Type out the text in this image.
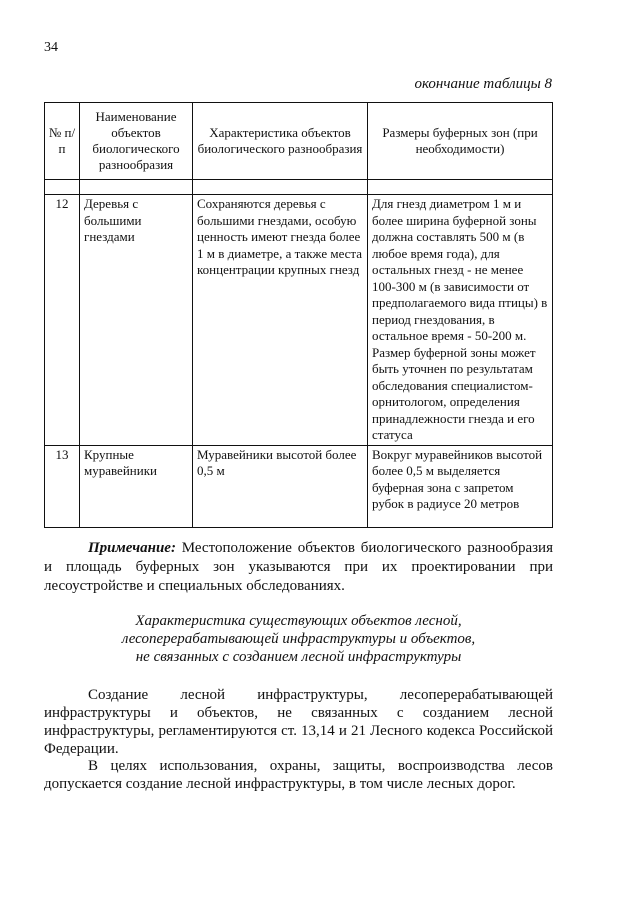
34
окончание таблицы 8
№ п/п	Наименование объектов биологического разнообразия	Характеристика объектов биологического разнообразия	Размеры буферных зон (при необходимости)

12	Деревья с большими гнездами	Сохраняются деревья с большими гнездами, особую ценность имеют гнезда более 1 м в диаметре, а также места концентрации крупных гнезд	Для гнезд диаметром 1 м и более ширина буферной зоны должна составлять 500 м (в любое время года), для остальных гнезд - не менее 100-300 м (в зависимости от предполагаемого вида птицы) в период гнездования, в остальное время - 50-200 м. Размер буферной зоны может быть уточнен по результатам обследования специалистом-орнитологом, определения принадлежности гнезда и его статуса
13	Крупные муравейники	Муравейники высотой более 0,5 м	Вокруг муравейников высотой более 0,5 м выделяется буферная зона с запретом рубок в радиусе 20 метров
Примечание: Местоположение объектов биологического разнообразия и площадь буферных зон указываются при их проектировании при лесоустройстве и специальных обследованиях.
Характеристика существующих объектов лесной,
лесоперерабатывающей инфраструктуры и объектов,
не связанных с созданием лесной инфраструктуры

Создание лесной инфраструктуры, лесоперерабатывающей инфраструктуры и объектов, не связанных с созданием лесной инфраструктуры, регламентируются ст. 13,14 и 21 Лесного кодекса Российской Федерации.

В целях использования, охраны, защиты, воспроизводства лесов допускается создание лесной инфраструктуры, в том числе лесных дорог.
